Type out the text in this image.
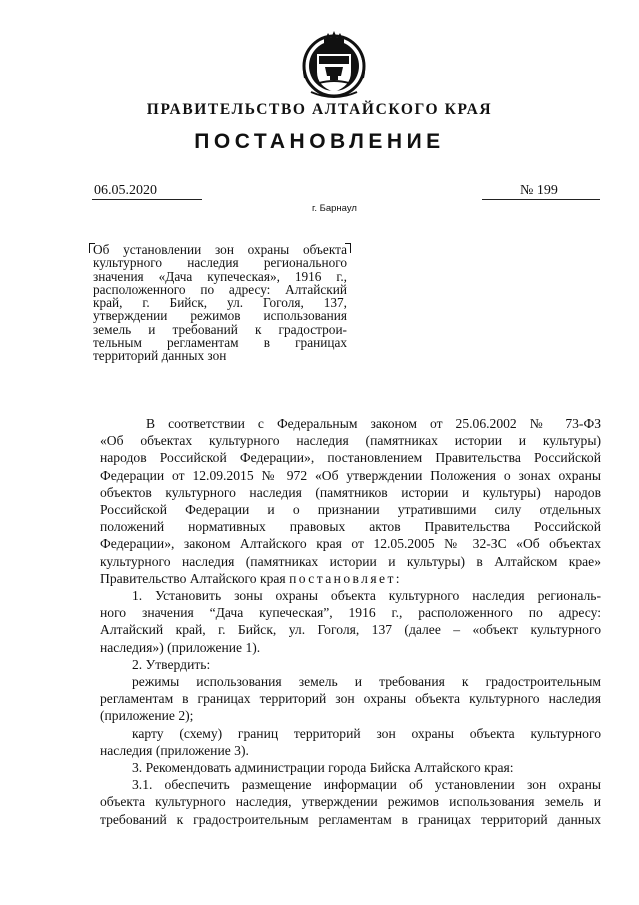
ПРАВИТЕЛЬСТВО АЛТАЙСКОГО КРАЯ
ПОСТАНОВЛЕНИЕ
06.05.2020	№ 199
г. Барнаул
Об установлении зон охраны объекта
культурного наследия регионального
значения «Дача купеческая», 1916 г.,
расположенного по адресу: Алтайский
край, г. Бийск, ул. Гоголя, 137,
утверждении режимов использования
земель и требований к градострои-
тельным регламентам в границах
территорий данных зон
В соответствии с Федеральным законом от 25.06.2002 № 73-ФЗ
«Об объектах культурного наследия (памятниках истории и культуры)
народов Российской Федерации», постановлением Правительства Российской
Федерации от 12.09.2015 № 972 «Об утверждении Положения о зонах охраны
объектов культурного наследия (памятников истории и культуры) народов
Российской Федерации и о признании утратившими силу отдельных
положений нормативных правовых актов Правительства Российской
Федерации», законом Алтайского края от 12.05.2005 № 32-ЗС «Об объектах
культурного наследия (памятниках истории и культуры) в Алтайском крае»
Правительство Алтайского края постановляет:
1. Установить зоны охраны объекта культурного наследия региональ-
ного значения “Дача купеческая”, 1916 г., расположенного по адресу:
Алтайский край, г. Бийск, ул. Гоголя, 137 (далее – «объект культурного
наследия») (приложение 1).
2. Утвердить:
режимы использования земель и требования к градостроительным
регламентам в границах территорий зон охраны объекта культурного наследия
(приложение 2);
карту (схему) границ территорий зон охраны объекта культурного
наследия (приложение 3).
3. Рекомендовать администрации города Бийска Алтайского края:
3.1. обеспечить размещение информации об установлении зон охраны
объекта культурного наследия, утверждении режимов использования земель и
требований к градостроительным регламентам в границах территорий данных
